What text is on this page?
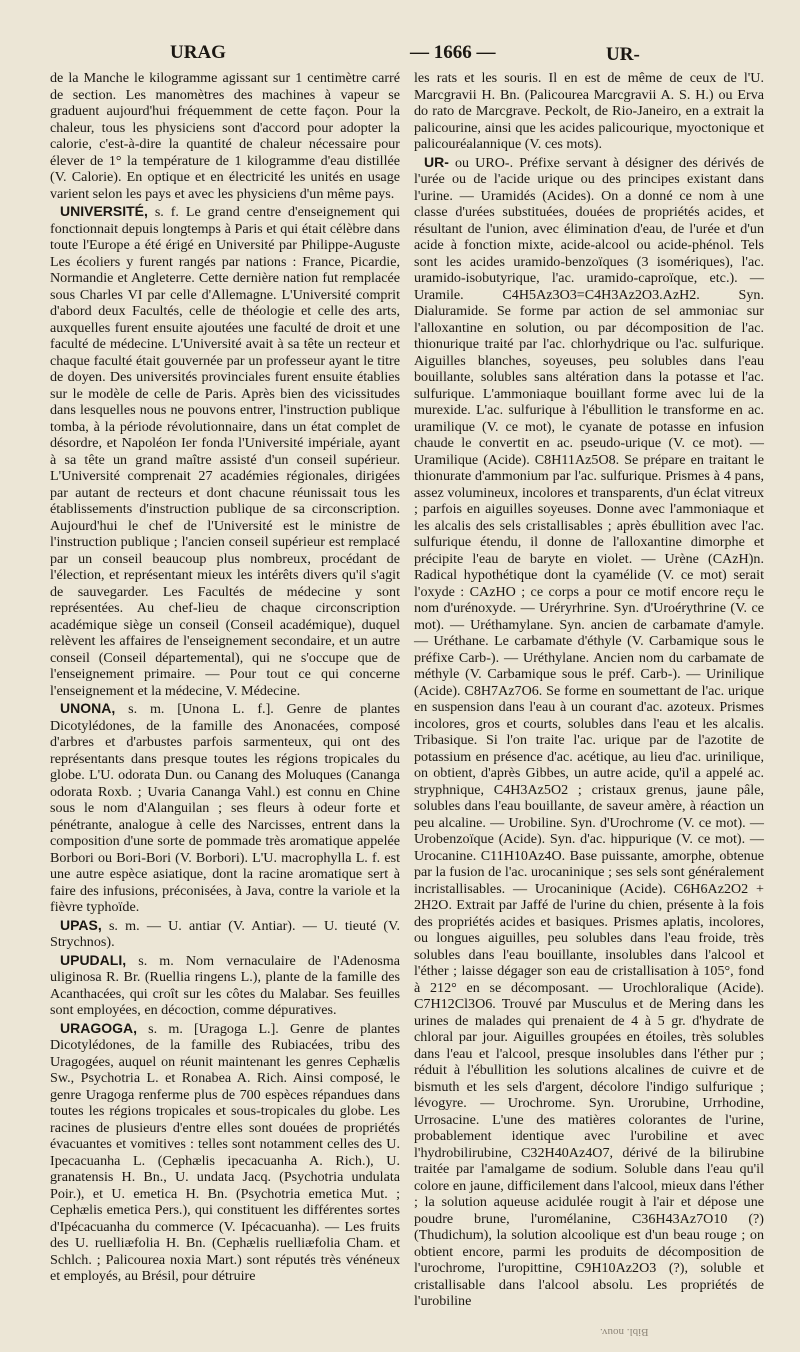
URAG	— 1666 —	UR-

de la Manche le kilogramme agissant sur 1 centimètre carré de section. Les manomètres des machines à vapeur se graduent aujourd'hui fréquemment de cette façon. Pour la chaleur, tous les physiciens sont d'accord pour adopter la calorie, c'est-à-dire la quantité de chaleur nécessaire pour élever de 1° la température de 1 kilogramme d'eau distillée (V. Calorie). En optique et en électricité les unités en usage varient selon les pays et avec les physiciens d'un même pays.

UNIVERSITÉ, s. f. Le grand centre d'enseignement qui fonctionnait depuis longtemps à Paris et qui était célèbre dans toute l'Europe a été érigé en Université par Philippe-Auguste Les écoliers y furent rangés par nations : France, Picardie, Normandie et Angleterre. Cette dernière nation fut remplacée sous Charles VI par celle d'Allemagne. L'Université comprit d'abord deux Facultés, celle de théologie et celle des arts, auxquelles furent ensuite ajoutées une faculté de droit et une faculté de médecine. L'Université avait à sa tête un recteur et chaque faculté était gouvernée par un professeur ayant le titre de doyen. Des universités provinciales furent ensuite établies sur le modèle de celle de Paris. Après bien des vicissitudes dans lesquelles nous ne pouvons entrer, l'instruction publique tomba, à la période révolutionnaire, dans un état complet de désordre, et Napoléon Ier fonda l'Université impériale, ayant à sa tête un grand maître assisté d'un conseil supérieur. L'Université comprenait 27 académies régionales, dirigées par autant de recteurs et dont chacune réunissait tous les établissements d'instruction publique de sa circonscription. Aujourd'hui le chef de l'Université est le ministre de l'instruction publique ; l'ancien conseil supérieur est remplacé par un conseil beaucoup plus nombreux, procédant de l'élection, et représentant mieux les intérêts divers qu'il s'agit de sauvegarder. Les Facultés de médecine y sont représentées. Au chef-lieu de chaque circonscription académique siège un conseil (Conseil académique), duquel relèvent les affaires de l'enseignement secondaire, et un autre conseil (Conseil départemental), qui ne s'occupe que de l'enseignement primaire. — Pour tout ce qui concerne l'enseignement et la médecine, V. Médecine.

UNONA, s. m. [Unona L. f.]. Genre de plantes Dicotylédones, de la famille des Anonacées, composé d'arbres et d'arbustes parfois sarmenteux, qui ont des représentants dans presque toutes les régions tropicales du globe. L'U. odorata Dun. ou Canang des Moluques (Cananga odorata Roxb. ; Uvaria Cananga Vahl.) est connu en Chine sous le nom d'Alanguilan ; ses fleurs à odeur forte et pénétrante, analogue à celle des Narcisses, entrent dans la composition d'une sorte de pommade très aromatique appelée Borbori ou Bori-Bori (V. Borbori). L'U. macrophylla L. f. est une autre espèce asiatique, dont la racine aromatique sert à faire des infusions, préconisées, à Java, contre la variole et la fièvre typhoïde.

UPAS, s. m. — U. antiar (V. Antiar). — U. tieuté (V. Strychnos).

UPUDALI, s. m. Nom vernaculaire de l'Adenosma uliginosa R. Br. (Ruellia ringens L.), plante de la famille des Acanthacées, qui croît sur les côtes du Malabar. Ses feuilles sont employées, en décoction, comme dépuratives.

URAGOGA, s. m. [Uragoga L.]. Genre de plantes Dicotylédones, de la famille des Rubiacées, tribu des Uragogées, auquel on réunit maintenant les genres Cephælis Sw., Psychotria L. et Ronabea A. Rich. Ainsi composé, le genre Uragoga renferme plus de 700 espèces répandues dans toutes les régions tropicales et sous-tropicales du globe. Les racines de plusieurs d'entre elles sont douées de propriétés évacuantes et vomitives : telles sont notamment celles des U. Ipecacuanha L. (Cephælis ipecacuanha A. Rich.), U. granatensis H. Bn., U. undata Jacq. (Psychotria undulata Poir.), et U. emetica H. Bn. (Psychotria emetica Mut. ; Cephælis emetica Pers.), qui constituent les différentes sortes d'Ipécacuanha du commerce (V. Ipécacuanha). — Les fruits des U. ruelliæfolia H. Bn. (Cephælis ruelliæfolia Cham. et Schlch. ; Palicourea noxia Mart.) sont réputés très vénéneux et employés, au Brésil, pour détruire

les rats et les souris. Il en est de même de ceux de l'U. Marcgravii H. Bn. (Palicourea Marcgravii A. S. H.) ou Erva do rato de Marcgrave. Peckolt, de Rio-Janeiro, en a extrait la palicourine, ainsi que les acides palicourique, myoctonique et palicouréalannique (V. ces mots).

UR- ou URO-. Préfixe servant à désigner des dérivés de l'urée ou de l'acide urique ou des principes existant dans l'urine. — Uramidés (Acides). On a donné ce nom à une classe d'urées substituées, douées de propriétés acides, et résultant de l'union, avec élimination d'eau, de l'urée et d'un acide à fonction mixte, acide-alcool ou acide-phénol. Tels sont les acides uramido-benzoïques (3 isomériques), l'ac. uramido-isobutyrique, l'ac. uramido-caproïque, etc.). — Uramile. C4H5Az3O3=C4H3Az2O3.AzH2. Syn. Dialuramide. Se forme par action de sel ammoniac sur l'alloxantine en solution, ou par décomposition de l'ac. thionurique traité par l'ac. chlorhydrique ou l'ac. sulfurique. Aiguilles blanches, soyeuses, peu solubles dans l'eau bouillante, solubles sans altération dans la potasse et l'ac. sulfurique. L'ammoniaque bouillant forme avec lui de la murexide. L'ac. sulfurique à l'ébullition le transforme en ac. uramilique (V. ce mot), le cyanate de potasse en infusion chaude le convertit en ac. pseudo-urique (V. ce mot). — Uramilique (Acide). C8H11Az5O8. Se prépare en traitant le thionurate d'ammonium par l'ac. sulfurique. Prismes à 4 pans, assez volumineux, incolores et transparents, d'un éclat vitreux ; parfois en aiguilles soyeuses. Donne avec l'ammoniaque et les alcalis des sels cristallisables ; après ébullition avec l'ac. sulfurique étendu, il donne de l'alloxantine dimorphe et précipite l'eau de baryte en violet. — Urène (CAzH)n. Radical hypothétique dont la cyamélide (V. ce mot) serait l'oxyde : CAzHO ; ce corps a pour ce motif encore reçu le nom d'urénoxyde. — Uréryrhrine. Syn. d'Uroérythrine (V. ce mot). — Uréthamylane. Syn. ancien de carbamate d'amyle. — Uréthane. Le carbamate d'éthyle (V. Carbamique sous le préfixe Carb-). — Uréthylane. Ancien nom du carbamate de méthyle (V. Carbamique sous le préf. Carb-). — Urinilique (Acide). C8H7Az7O6. Se forme en soumettant de l'ac. urique en suspension dans l'eau à un courant d'ac. azoteux. Prismes incolores, gros et courts, solubles dans l'eau et les alcalis. Tribasique. Si l'on traite l'ac. urique par de l'azotite de potassium en présence d'ac. acétique, au lieu d'ac. urinilique, on obtient, d'après Gibbes, un autre acide, qu'il a appelé ac. stryphnique, C4H3Az5O2 ; cristaux grenus, jaune pâle, solubles dans l'eau bouillante, de saveur amère, à réaction un peu alcaline. — Urobiline. Syn. d'Urochrome (V. ce mot). — Urobenzoïque (Acide). Syn. d'ac. hippurique (V. ce mot). — Urocanine. C11H10Az4O. Base puissante, amorphe, obtenue par la fusion de l'ac. urocaninique ; ses sels sont généralement incristallisables. — Urocaninique (Acide). C6H6Az2O2 + 2H2O. Extrait par Jaffé de l'urine du chien, présente à la fois des propriétés acides et basiques. Prismes aplatis, incolores, ou longues aiguilles, peu solubles dans l'eau froide, très solubles dans l'eau bouillante, insolubles dans l'alcool et l'éther ; laisse dégager son eau de cristallisation à 105°, fond à 212° en se décomposant. — Urochloralique (Acide). C7H12Cl3O6. Trouvé par Musculus et de Mering dans les urines de malades qui prenaient de 4 à 5 gr. d'hydrate de chloral par jour. Aiguilles groupées en étoiles, très solubles dans l'eau et l'alcool, presque insolubles dans l'éther pur ; réduit à l'ébullition les solutions alcalines de cuivre et de bismuth et les sels d'argent, décolore l'indigo sulfurique ; lévogyre. — Urochrome. Syn. Urorubine, Urrhodine, Urrosacine. L'une des matières colorantes de l'urine, probablement identique avec l'urobiline et avec l'hydrobilirubine, C32H40Az4O7, dérivé de la bilirubine traitée par l'amalgame de sodium. Soluble dans l'eau qu'il colore en jaune, difficilement dans l'alcool, mieux dans l'éther ; la solution aqueuse acidulée rougit à l'air et dépose une poudre brune, l'uromélanine, C36H43Az7O10 (?) (Thudichum), la solution alcoolique est d'un beau rouge ; on obtient encore, parmi les produits de décomposition de l'urochrome, l'uropittine, C9H10Az2O3 (?), soluble et cristallisable dans l'alcool absolu. Les propriétés de l'urobiline

Bibl. nouv.
